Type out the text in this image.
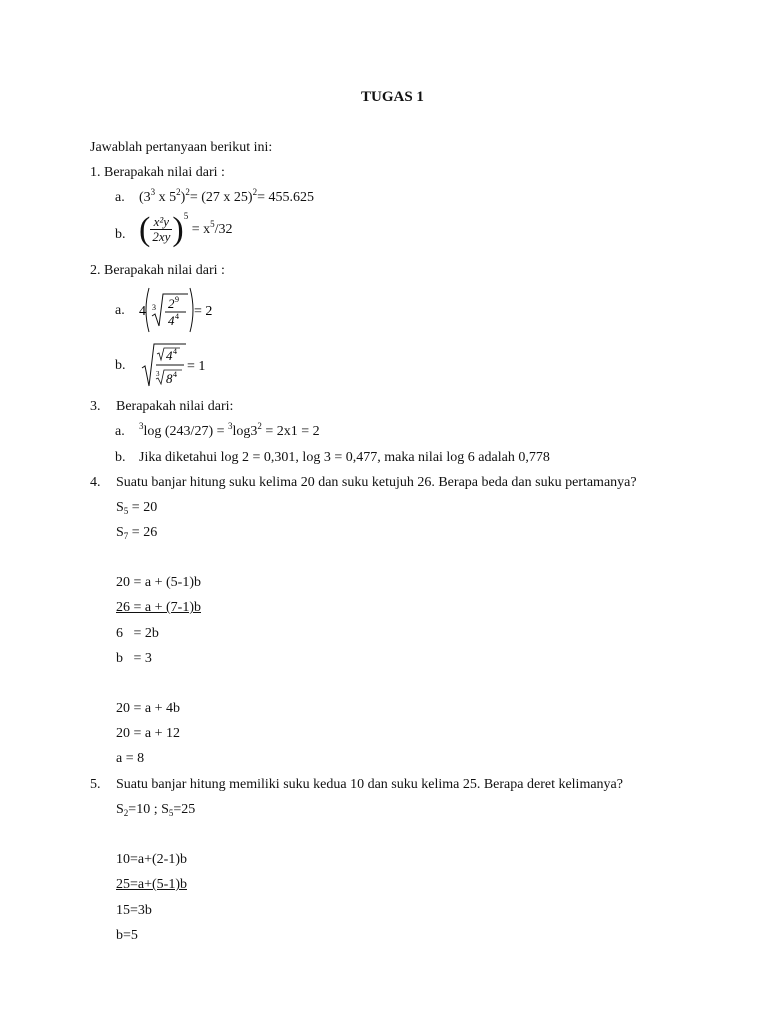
TUGAS 1
Jawablah pertanyaan berikut ini:
1. Berapakah nilai dari :
a. ($3^3$ x $5^2)^2= (27$ x 25)$^2$= 455.625
b. ( $\frac{\text{x²y}}{2xy} )^5 = x^5/32$
2. Berapakah nilai dari :
a. 4 3 2 9
4 4 = 2
b.
4 4
3 8 4
= 1
3. Berapakah nilai dari:
a. $^3$log $(243/27) = ^3\log 3^2 = 2x1 = 2$
b. Jika diketahui log 2 = 0,301, log 3 = 0,477, maka nilai log 6 adalah 0,778
4. Suatu banjar hitung suku kelima 20 dan suku ketujuh 26. Berapa beda dan suku pertamanya?
$S_5 = 20$
$S_7 = 26$
20 = a + (5-1)b
26 = a + (7-1)b
6   = 2b
b   = 3
20 = a + 4b
20 = a + 12
a = 8
5. Suatu banjar hitung memiliki suku kedua 10 dan suku kelima 25. Berapa deret kelimanya?
$S_2=10$ ; $S_5=25$
10=a+(2-1)b
25=a+(5-1)b
15=3b
b=5
